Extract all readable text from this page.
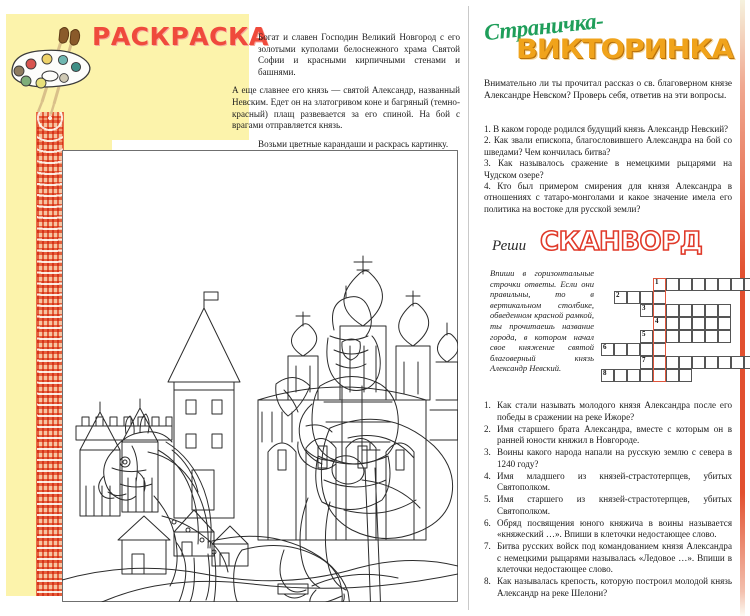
РАСКРАСКА

Богат и славен Господин Великий Новгород с его золотыми куполами белоснежного храма Святой Софии и красными кирпичными стенами и башнями.

А еще славнее его князь — святой Александр, названный Невским. Едет он на златогривом коне и багряный (темно-красный) плащ развевается за его спиной. На бой с врагами отправляется князь.

Возьми цветные карандаши и раскрась картинку.

Страничка-
ВИКТОРИНКА
Внимательно ли ты прочитал рассказ о св. благоверном князе Александре Невском? Проверь себя, ответив на эти вопросы.
1. В каком городе родился будущий князь Александр Невский?
2. Как звали епископа, благословившего Александра на бой со шведами? Чем кончилась битва?
3. Как называлось сражение в немецкими рыцарями на Чудском озере?
4. Кто был примером смирения для князя Александра в отношениях с татаро-монголами и какое значение имела его политика на востоке для русской земли?
Реши СКАНВОРД
Впиши в горизонтальные строчки ответы. Если они правильны, то в вертикальном столбике, обведенном красной рамкой, ты прочитаешь название города, в котором начал свое княжение святой благоверный князь Александр Невский.
1
2
3
4
5
6
7
8
1. Как стали называть молодого князя Александра после его победы в сражении на реке Ижоре?
2. Имя старшего брата Александра, вместе с которым он в ранней юности княжил в Новгороде.
3. Воины какого народа напали на русскую землю с севера в 1240 году?
4. Имя младшего из князей-страстотерпцев, убитых Святополком.
5. Имя старшего из князей-страстотерпцев, убитых Святополком.
6. Обряд посвящения юного княжича в воины называется «княжеский …». Впиши в клеточки недостающее слово.
7. Битва русских войск под командованием князя Александра с немецкими рыцарями называлась «Ледовое …». Впиши в клеточки недостающее слово.
8. Как называлась крепость, которую построил молодой князь Александр на реке Шелони?
